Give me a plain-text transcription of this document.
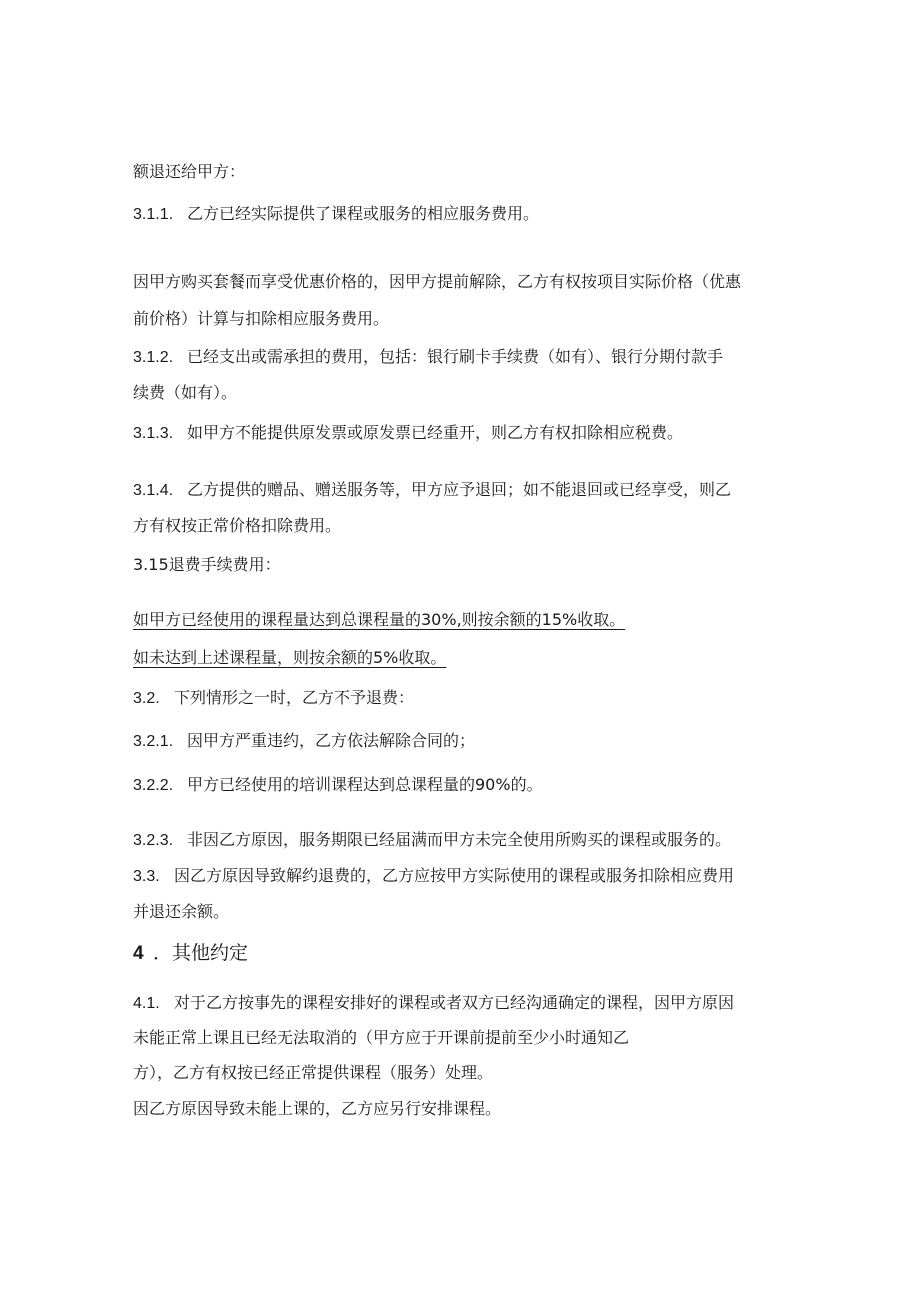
额退还给甲方：
3.1.1. 乙方已经实际提供了课程或服务的相应服务费用。
因甲方购买套餐而享受优惠价格的，因甲方提前解除，乙方有权按项目实际价格（优惠
前价格）计算与扣除相应服务费用。
3.1.2. 已经支出或需承担的费用，包括：银行刷卡手续费（如有）、银行分期付款手
续费（如有）。
3.1.3. 如甲方不能提供原发票或原发票已经重开，则乙方有权扣除相应税费。
3.1.4. 乙方提供的赠品、赠送服务等，甲方应予退回；如不能退回或已经享受，则乙
方有权按正常价格扣除费用。
3.15退费手续费用：
如甲方已经使用的课程量达到总课程量的30%,则按余额的15%收取。
如未达到上述课程量，则按余额的5%收取。
3.2. 下列情形之一时，乙方不予退费：
3.2.1. 因甲方严重违约，乙方依法解除合同的；
3.2.2. 甲方已经使用的培训课程达到总课程量的90%的。
3.2.3. 非因乙方原因，服务期限已经届满而甲方未完全使用所购买的课程或服务的。
3.3. 因乙方原因导致解约退费的，乙方应按甲方实际使用的课程或服务扣除相应费用
并退还余额。
4 ．其他约定
4.1. 对于乙方按事先的课程安排好的课程或者双方已经沟通确定的课程，因甲方原因
未能正常上课且已经无法取消的（甲方应于开课前提前至少小时通知乙
方），乙方有权按已经正常提供课程（服务）处理。
因乙方原因导致未能上课的，乙方应另行安排课程。
